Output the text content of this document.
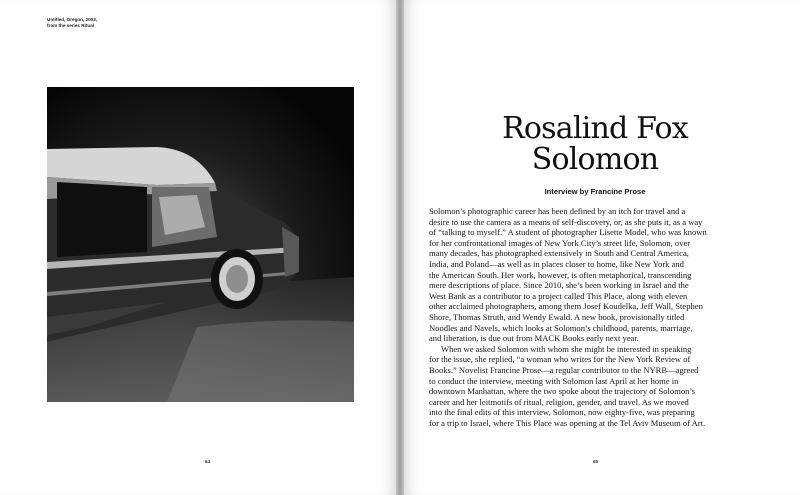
Untitled, Oregon, 2003,
from the series Ritual
64
Rosalind Fox
Solomon
Interview by Francine Prose
Solomon’s photographic career has been defined by an itch for travel and a
desire to use the camera as a means of self-discovery, or, as she puts it, as a way
of “talking to myself.” A student of photographer Lisette Model, who was known
for her confrontational images of New York City’s street life, Solomon, over
many decades, has photographed extensively in South and Central America,
India, and Poland—as well as in places closer to home, like New York and
the American South. Her work, however, is often metaphorical, transcending
mere descriptions of place. Since 2010, she’s been working in Israel and the
West Bank as a contributor to a project called This Place, along with eleven
other acclaimed photographers, among them Josef Koudelka, Jeff Wall, Stephen
Shore, Thomas Struth, and Wendy Ewald. A new book, provisionally titled
Noodles and Navels, which looks at Solomon’s childhood, parents, marriage,
and liberation, is due out from MACK Books early next year.
When we asked Solomon with whom she might be interested in speaking
for the issue, she replied, “a woman who writes for the New York Review of
Books.” Novelist Francine Prose—a regular contributor to the NYRB—agreed
to conduct the interview, meeting with Solomon last April at her home in
downtown Manhattan, where the two spoke about the trajectory of Solomon’s
career and her leitmotifs of ritual, religion, gender, and travel. As we moved
into the final edits of this interview, Solomon, now eighty-five, was preparing
for a trip to Israel, where This Place was opening at the Tel Aviv Museum of Art.
65
